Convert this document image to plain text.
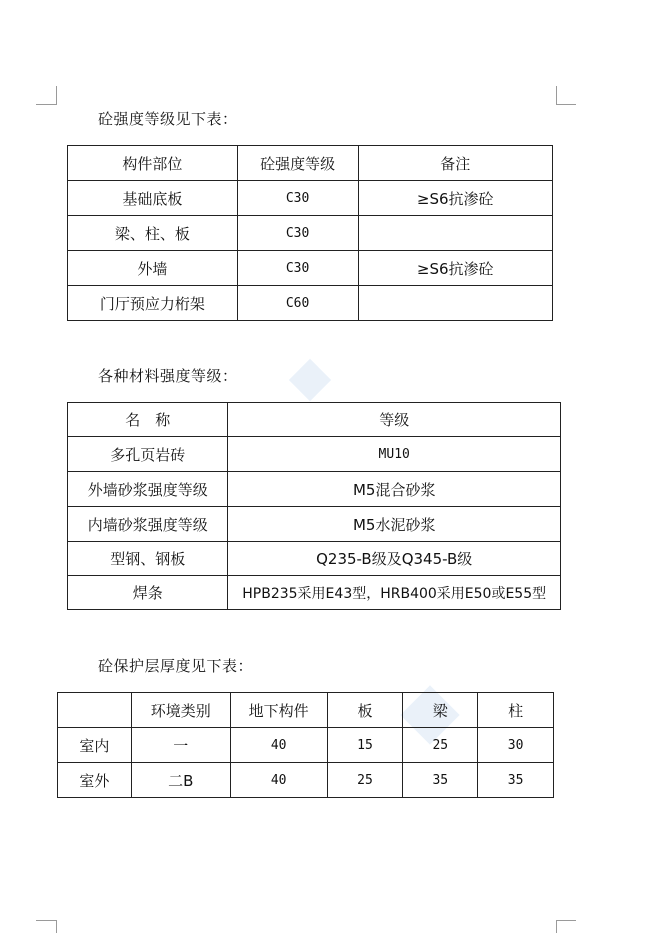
砼强度等级见下表：
构件部位	砼强度等级	备注
基础底板	C30	≥S6抗渗砼
梁、柱、板	C30	
外墙	C30	≥S6抗渗砼
门厅预应力桁架	C60	
各种材料强度等级：
名　称	等级
多孔页岩砖	MU10
外墙砂浆强度等级	M5混合砂浆
内墙砂浆强度等级	M5水泥砂浆
型钢、钢板	Q235-B级及Q345-B级
焊条	HPB235采用E43型，HRB400采用E50或E55型
砼保护层厚度见下表：
	环境类别	地下构件	板	梁	柱
室内	一	40	15	25	30
室外	二B	40	25	35	35
